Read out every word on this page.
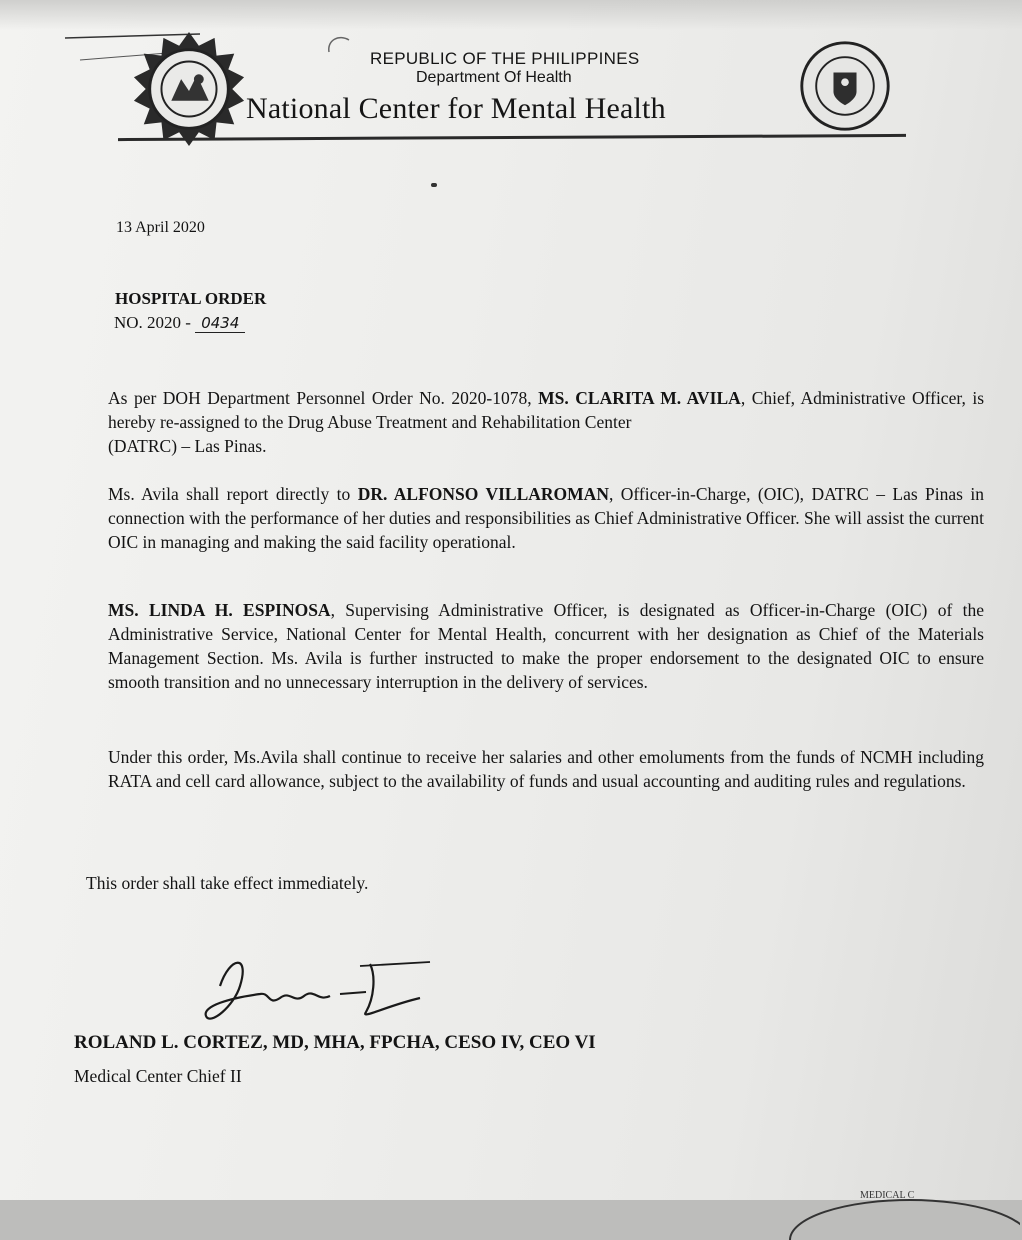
REPUBLIC OF THE PHILIPPINES
Department Of Health
National Center for Mental Health
13 April 2020
HOSPITAL ORDER
NO. 2020 - 0434
As per DOH Department Personnel Order No. 2020-1078, MS. CLARITA M. AVILA, Chief, Administrative Officer, is hereby re-assigned to the Drug Abuse Treatment and Rehabilitation Center
(DATRC) – Las Pinas.
Ms. Avila shall report directly to DR. ALFONSO VILLAROMAN, Officer-in-Charge, (OIC), DATRC – Las Pinas in connection with the performance of her duties and responsibilities as Chief Administrative Officer. She will assist the current OIC in managing and making the said facility operational.
MS. LINDA H. ESPINOSA, Supervising Administrative Officer, is designated as Officer-in-Charge (OIC) of the Administrative Service, National Center for Mental Health, concurrent with her designation as Chief of the Materials Management Section. Ms. Avila is further instructed to make the proper endorsement to the designated OIC to ensure smooth transition and no unnecessary interruption in the delivery of services.
Under this order, Ms.Avila shall continue to receive her salaries and other emoluments from the funds of NCMH including RATA and cell card allowance, subject to the availability of funds and usual accounting and auditing rules and regulations.
This order shall take effect immediately.
ROLAND L. CORTEZ, MD, MHA, FPCHA, CESO IV, CEO VI
Medical Center Chief II
MEDICAL C
